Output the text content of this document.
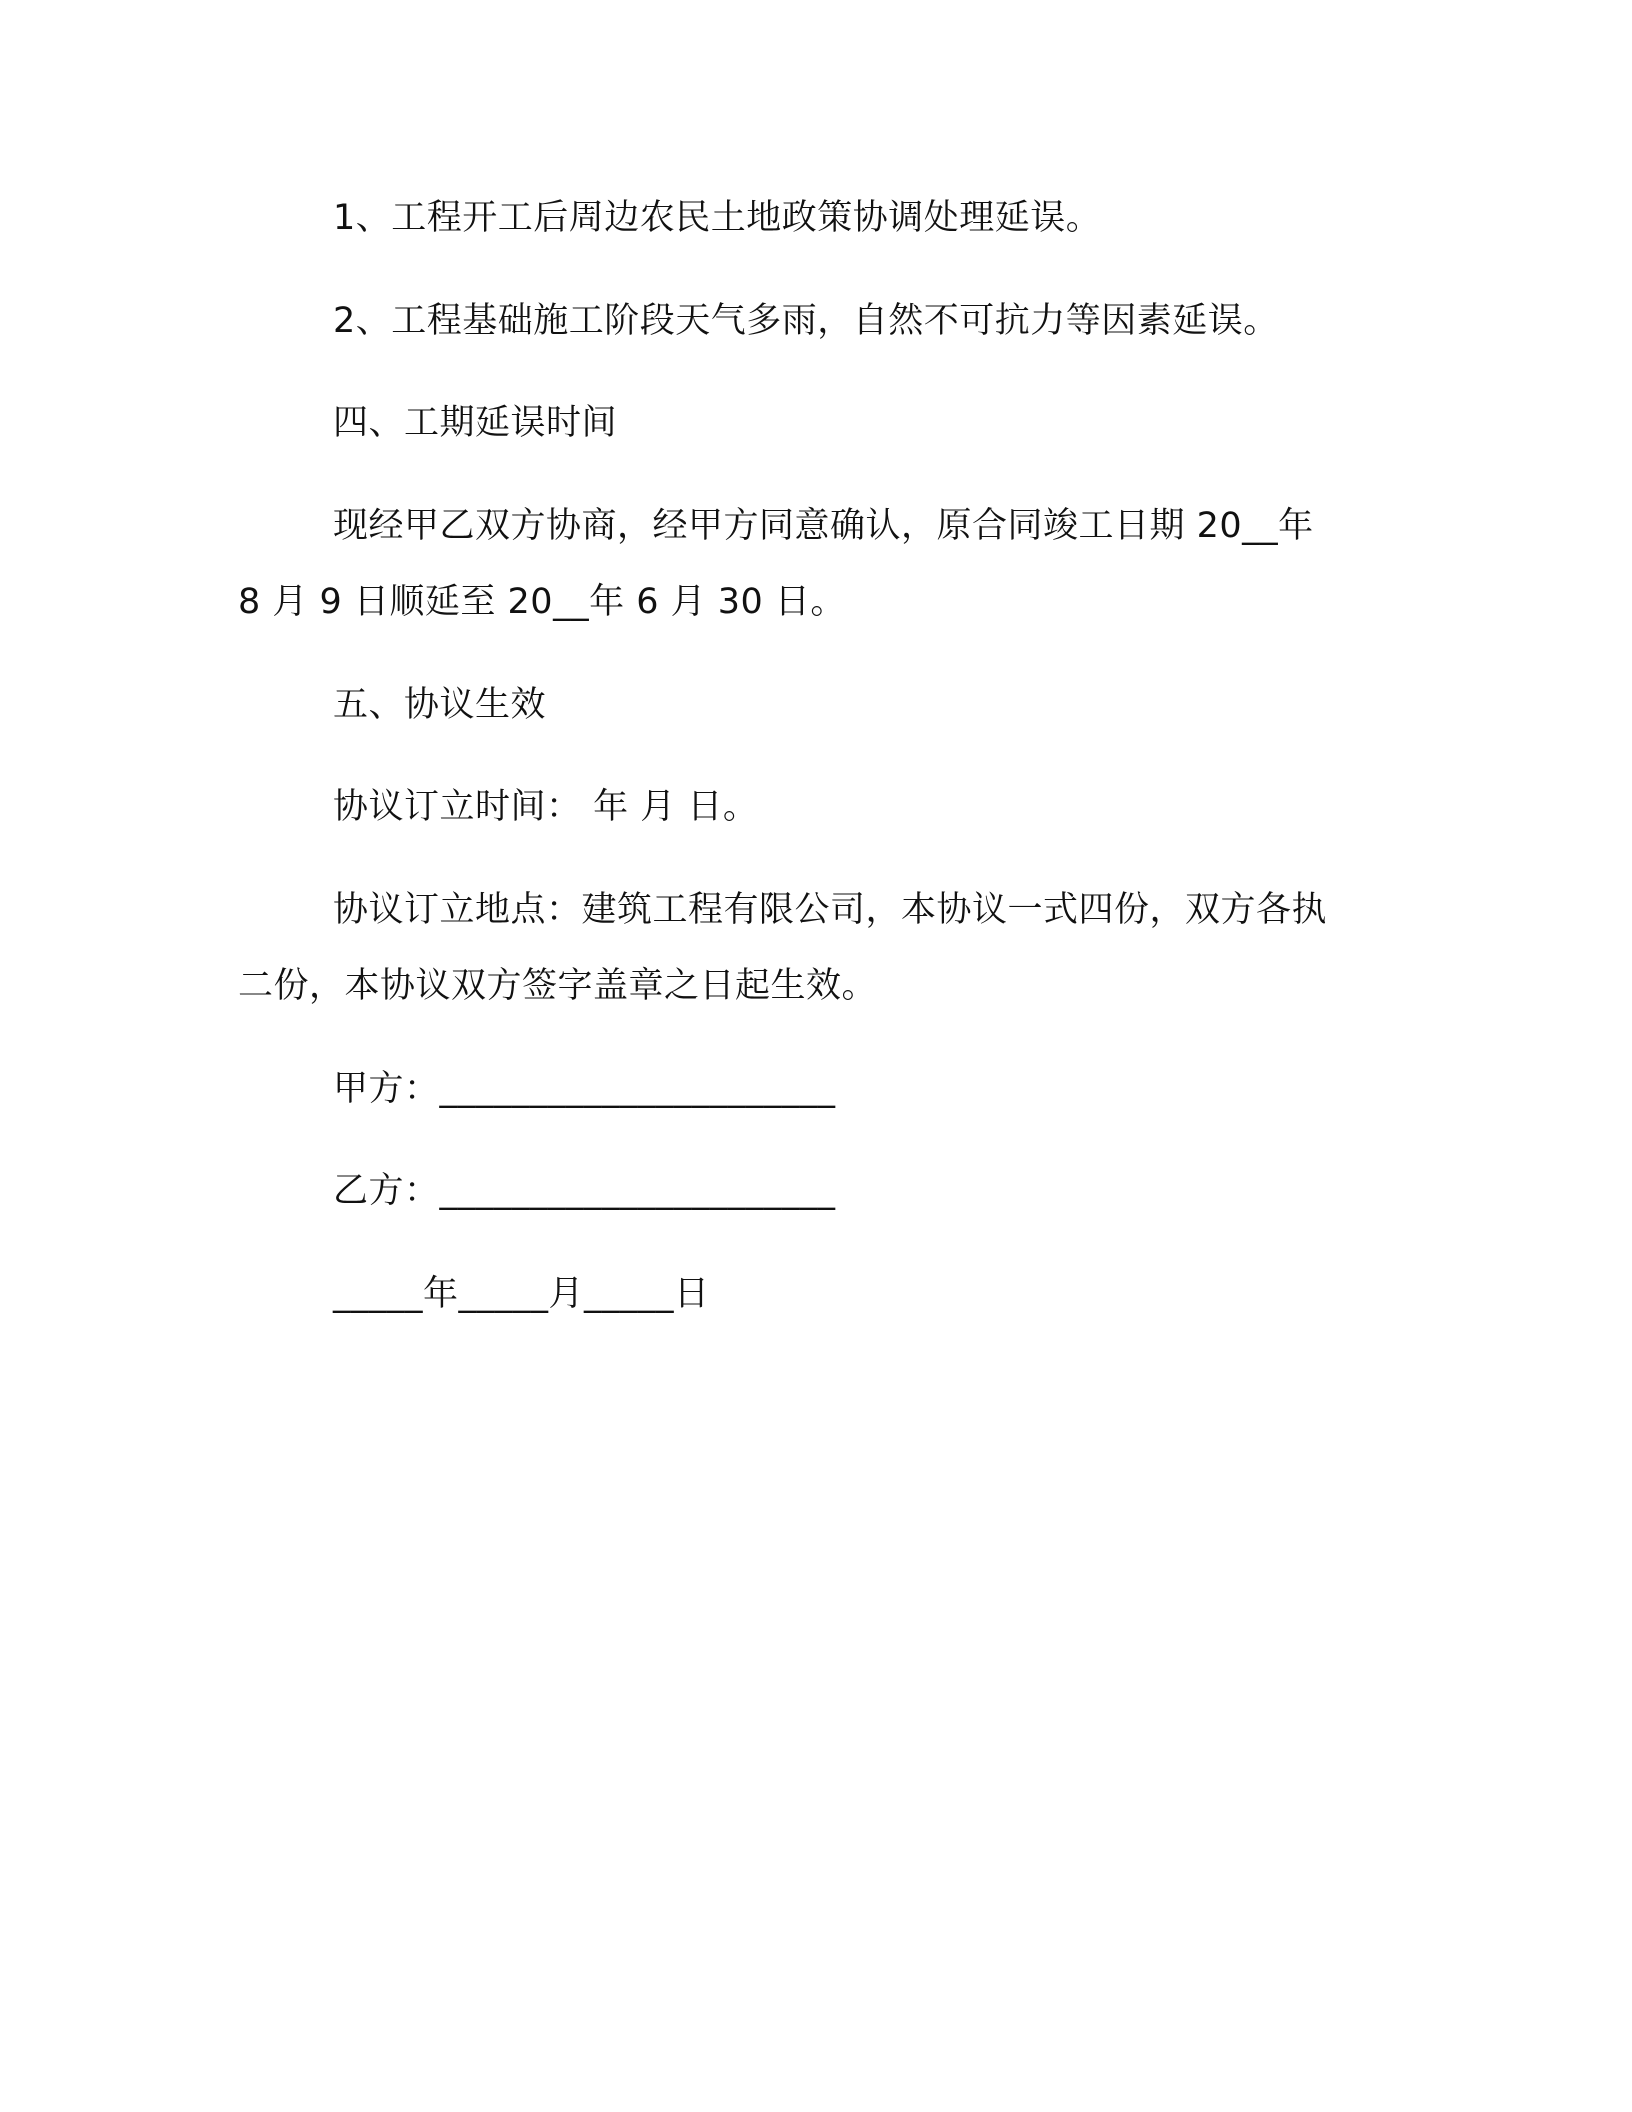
1、工程开工后周边农民土地政策协调处理延误。
2、工程基础施工阶段天气多雨，自然不可抗力等因素延误。
四、工期延误时间
现经甲乙双方协商，经甲方同意确认，原合同竣工日期 20__年
8 月 9 日顺延至 20__年 6 月 30 日。
五、协议生效
协议订立时间： 年 月 日。
协议订立地点：建筑工程有限公司，本协议一式四份，双方各执
二份，本协议双方签字盖章之日起生效。
甲方：______________________
乙方：______________________
_____年_____月_____日
